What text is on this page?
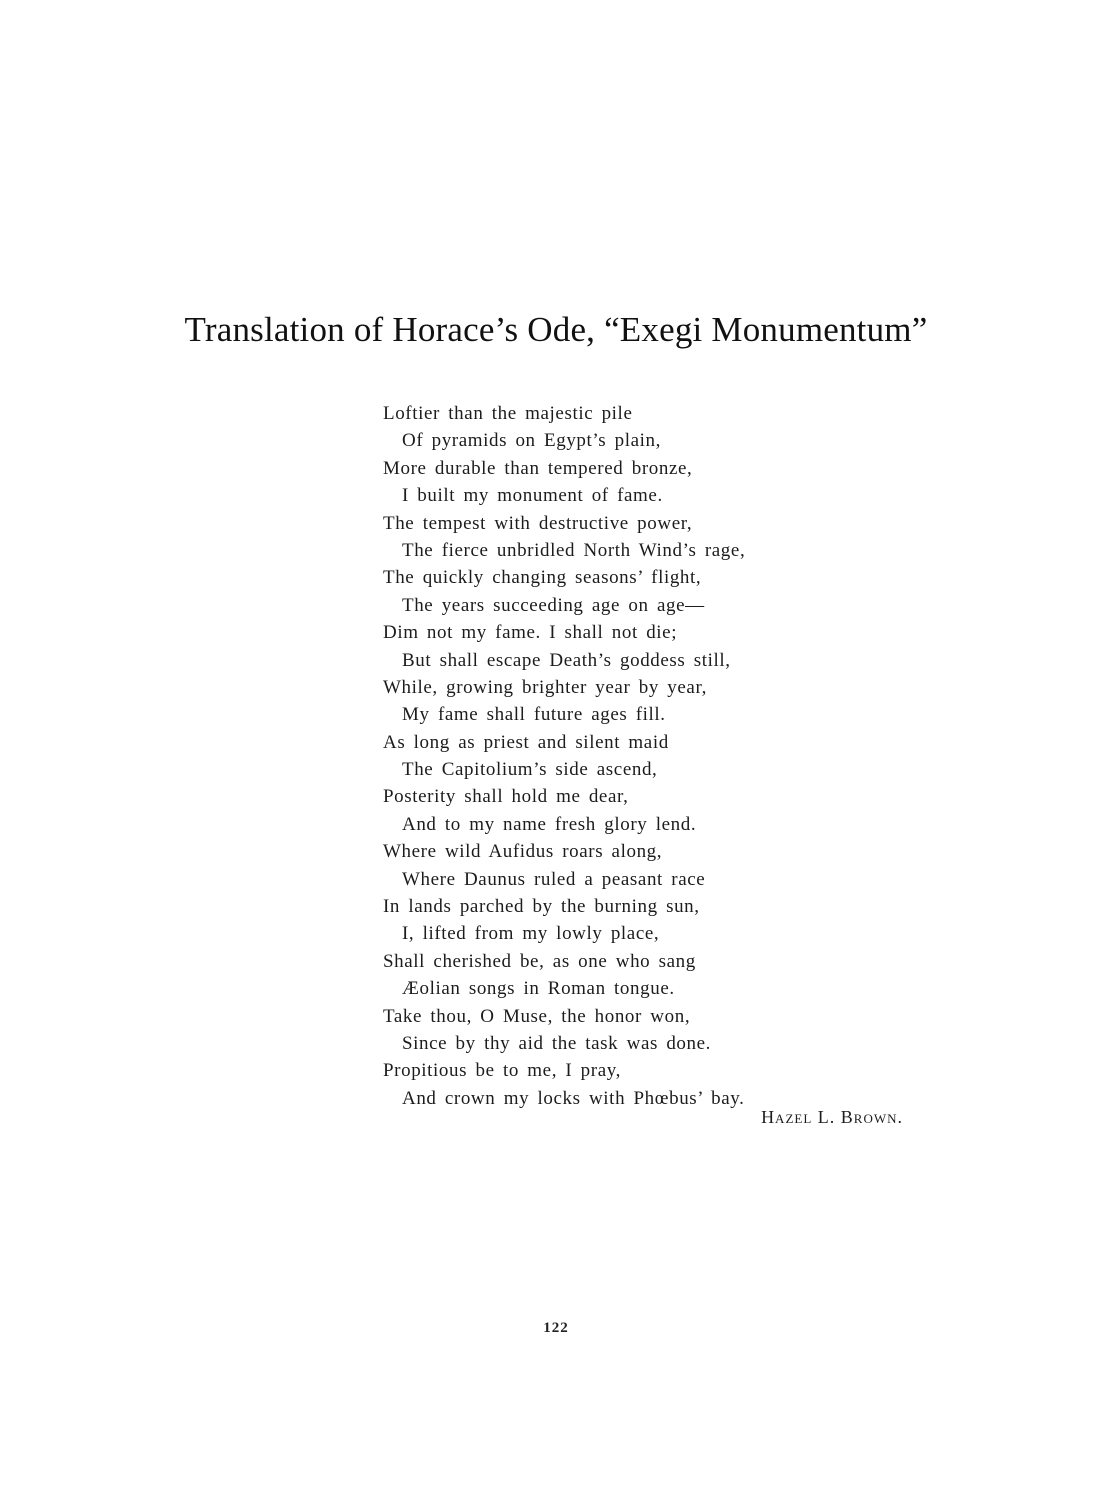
Translation of Horace’s Ode, “Exegi Monumentum”
Loftier than the majestic pile
Of pyramids on Egypt’s plain,
More durable than tempered bronze,
I built my monument of fame.
The tempest with destructive power,
The fierce unbridled North Wind’s rage,
The quickly changing seasons’ flight,
The years succeeding age on age—
Dim not my fame. I shall not die;
But shall escape Death’s goddess still,
While, growing brighter year by year,
My fame shall future ages fill.
As long as priest and silent maid
The Capitolium’s side ascend,
Posterity shall hold me dear,
And to my name fresh glory lend.
Where wild Aufidus roars along,
Where Daunus ruled a peasant race
In lands parched by the burning sun,
I, lifted from my lowly place,
Shall cherished be, as one who sang
Æolian songs in Roman tongue.
Take thou, O Muse, the honor won,
Since by thy aid the task was done.
Propitious be to me, I pray,
And crown my locks with Phœbus’ bay.
Hazel L. Brown.
122
